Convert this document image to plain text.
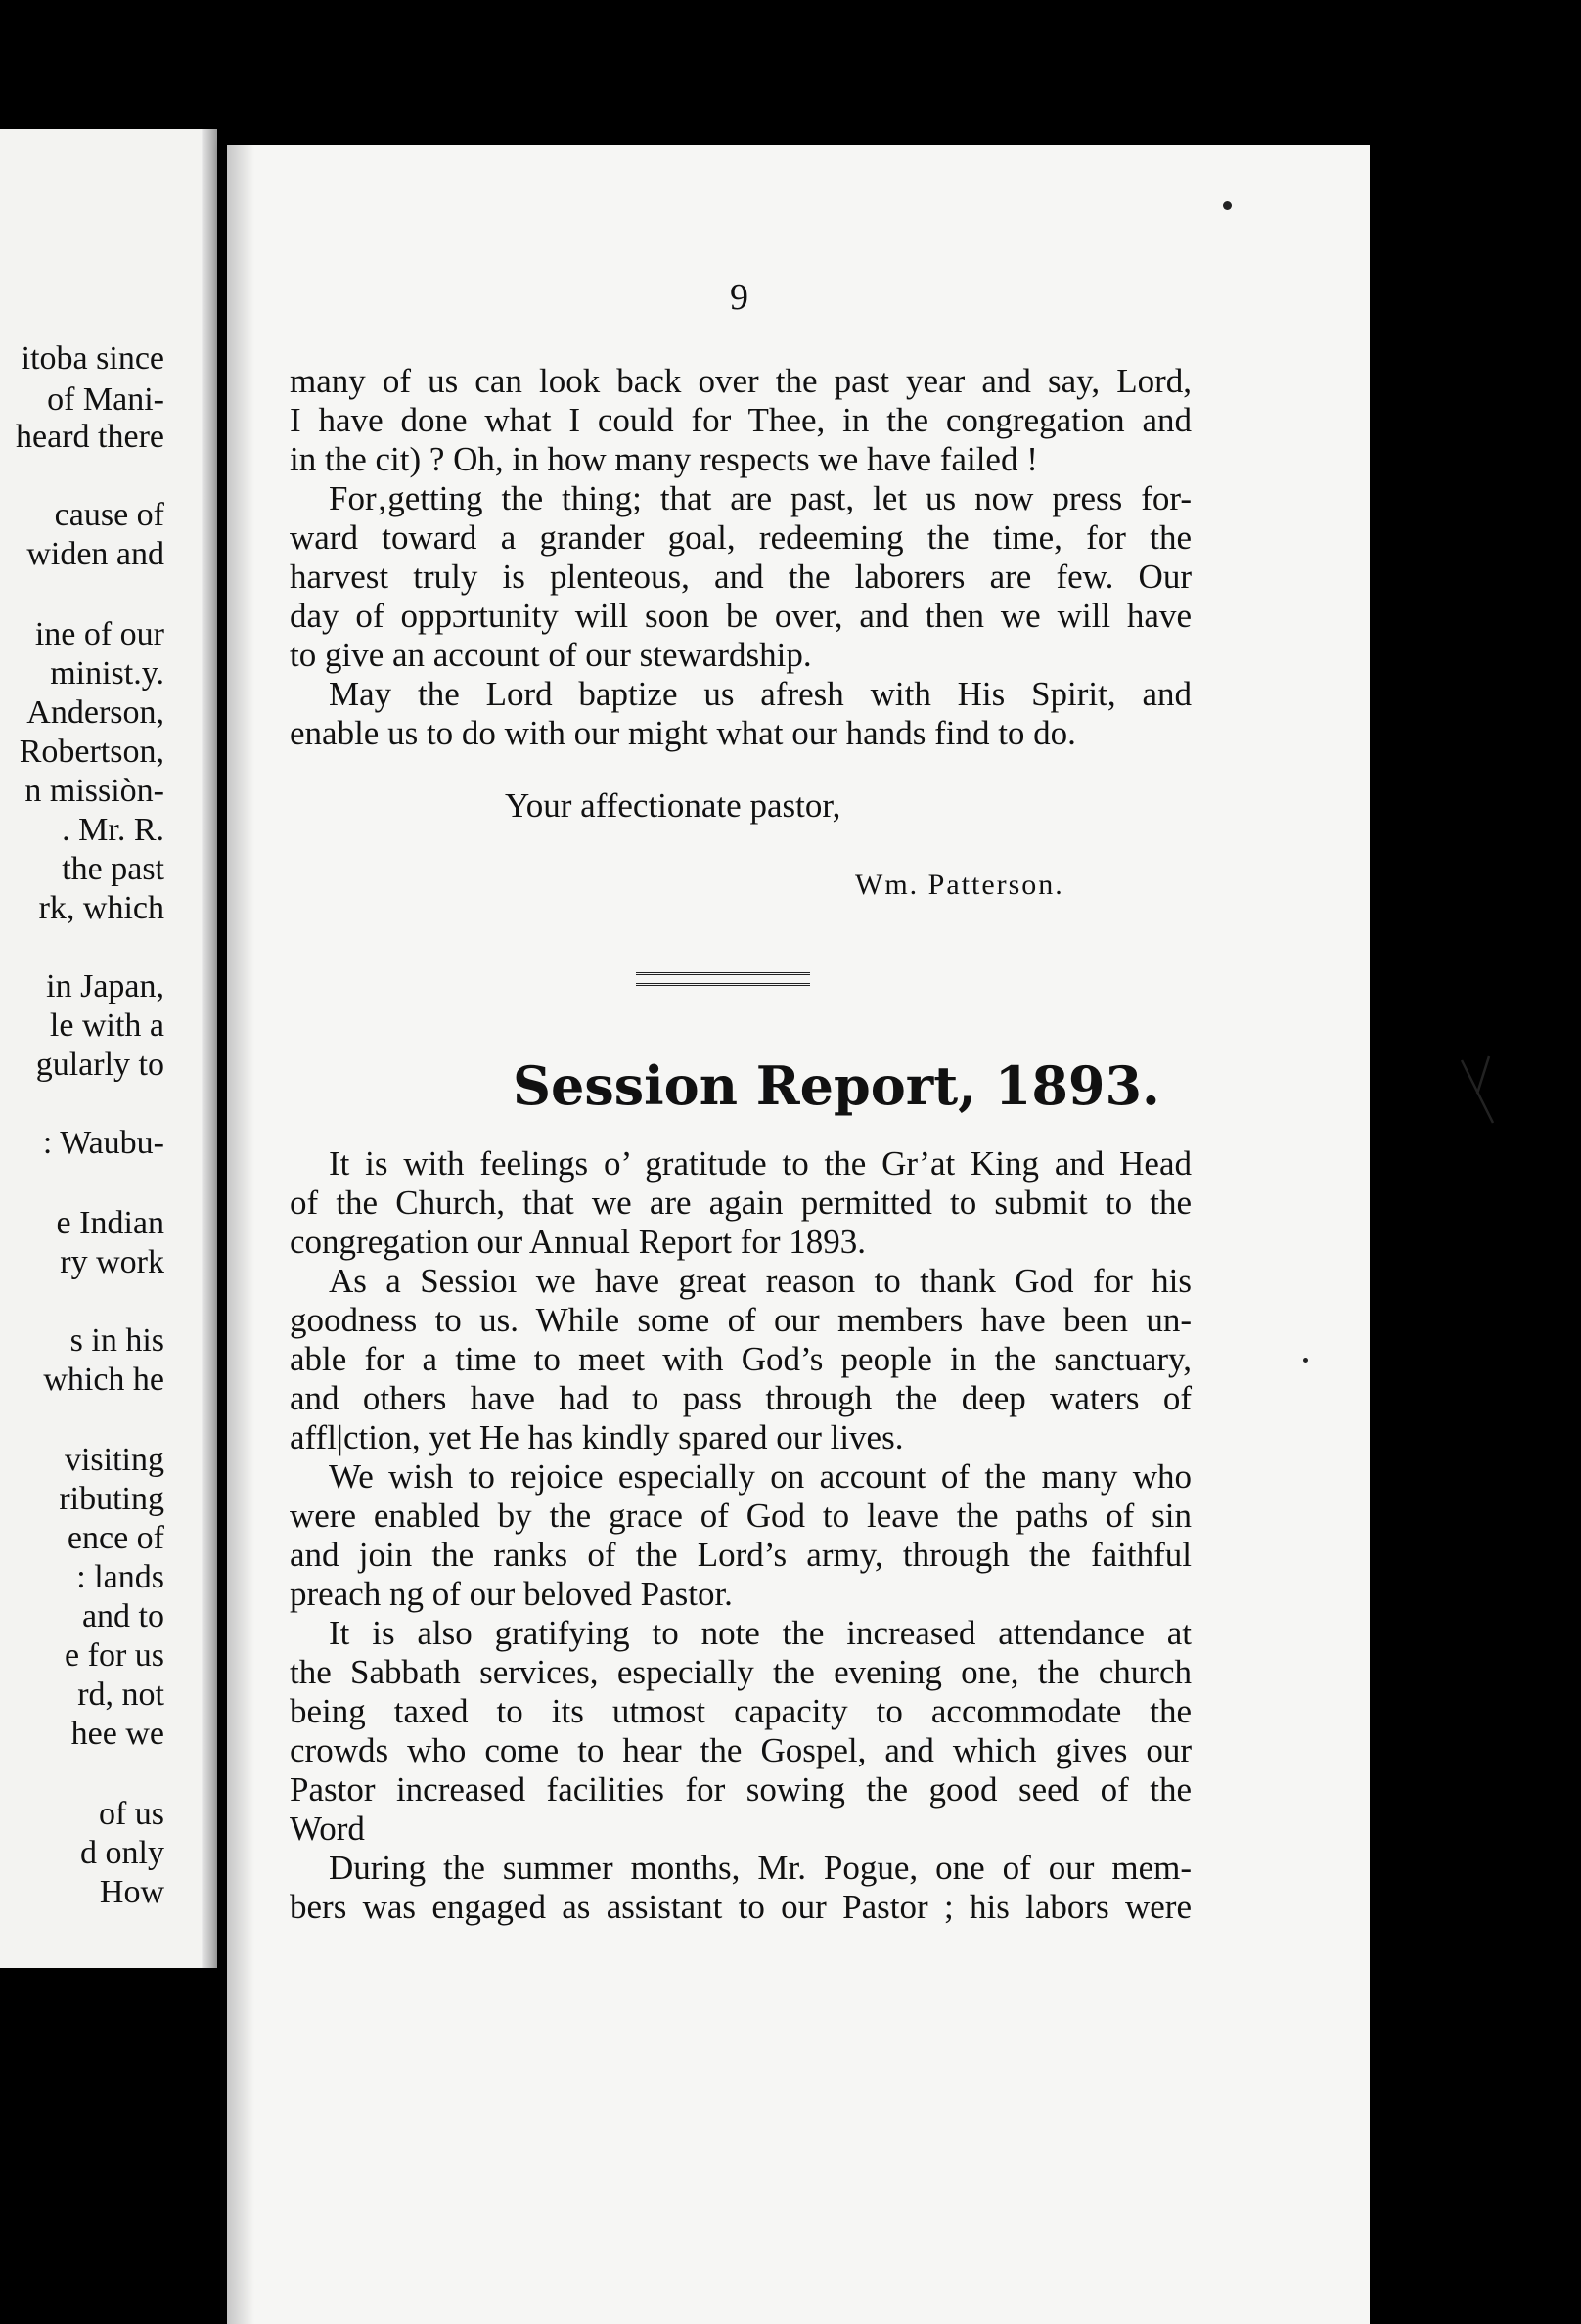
itoba since
of Mani-
heard there
cause of
widen and
ine of our
minist.y.
Anderson,
Robertson,
n missiòn-
. Mr. R.
the past
rk, which
in Japan,
le with a
gularly to
: Waubu-
e Indian
ry work
s in his
which he
visiting
ributing
ence of
: lands
and to
e for us
rd, not
hee we
of us
d only
How
9
many of us can look back over the past year and say, Lord,
I have done what I could for Thee, in the congregation and
in the cit) ? Oh, in how many respects we have failed !
For‚getting the thing; that are past, let us now press for-
ward toward a grander goal, redeeming the time, for the
harvest truly is plenteous, and the laborers are few. Our
day of oppɔrtunity will soon be over, and then we will have
to give an account of our stewardship.
May the Lord baptize us afresh with His Spirit, and
enable us to do with our might what our hands find to do.
Your affectionate pastor,
Wm. Patterson.
Session Report, 1893.
It is with feelings o’ gratitude to the Gr’at King and Head
of the Church, that we are again permitted to submit to the
congregation our Annual Report for 1893.
As a Sessioı we have great reason to thank God for his
goodness to us. While some of our members have been un-
able for a time to meet with God’s people in the sanctuary,
and others have had to pass through the deep waters of
affl|ction, yet He has kindly spared our lives.
We wish to rejoice especially on account of the many who
were enabled by the grace of God to leave the paths of sin
and join the ranks of the Lord’s army, through the faithful
preach ng of our beloved Pastor.
It is also gratifying to note the increased attendance at
the Sabbath services, especially the evening one, the church
being taxed to its utmost capacity to accommodate the
crowds who come to hear the Gospel, and which gives our
Pastor increased facilities for sowing the good seed of the
Word
During the summer months, Mr. Pogue, one of our mem-
bers was engaged as assistant to our Pastor ; his labors were
